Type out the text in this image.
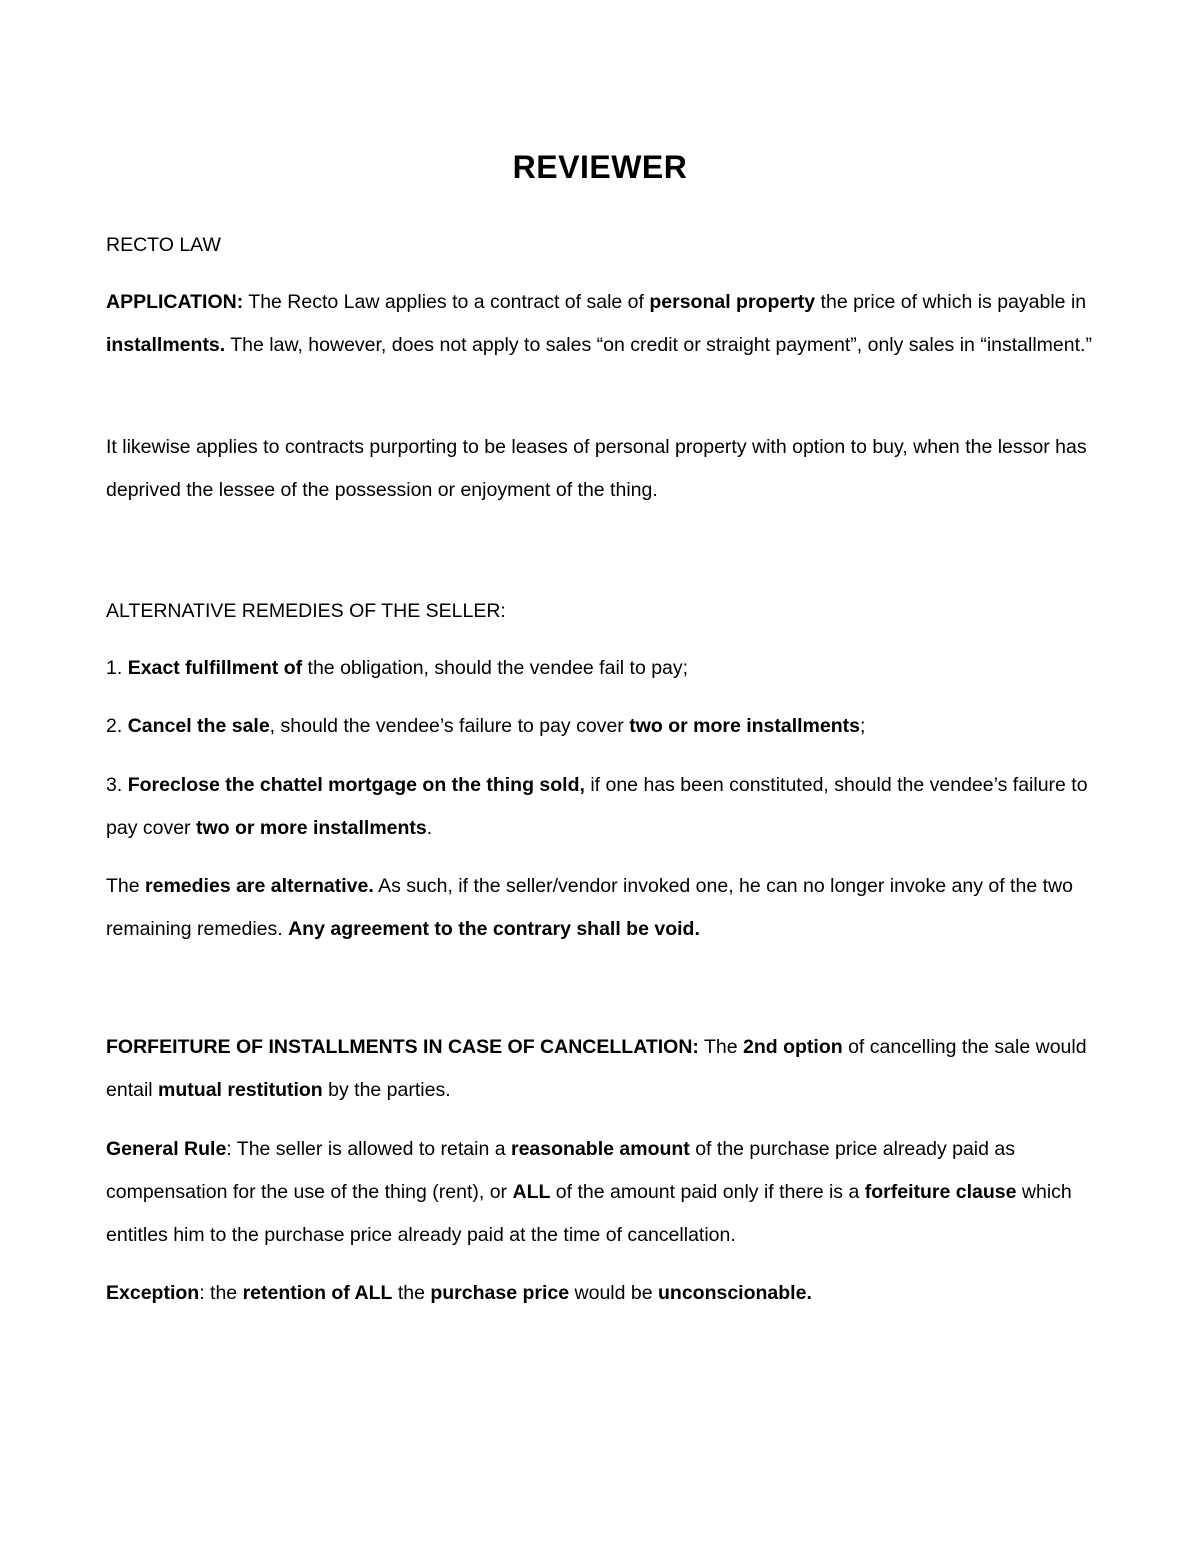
REVIEWER

RECTO LAW

APPLICATION: The Recto Law applies to a contract of sale of personal property the price of which is payable in installments. The law, however, does not apply to sales “on credit or straight payment”, only sales in “installment.”

It likewise applies to contracts purporting to be leases of personal property with option to buy, when the lessor has deprived the lessee of the possession or enjoyment of the thing.

ALTERNATIVE REMEDIES OF THE SELLER:

1. Exact fulfillment of the obligation, should the vendee fail to pay;

2. Cancel the sale, should the vendee’s failure to pay cover two or more installments;

3. Foreclose the chattel mortgage on the thing sold, if one has been constituted, should the vendee’s failure to pay cover two or more installments.

The remedies are alternative. As such, if the seller/vendor invoked one, he can no longer invoke any of the two remaining remedies. Any agreement to the contrary shall be void.

FORFEITURE OF INSTALLMENTS IN CASE OF CANCELLATION: The 2nd option of cancelling the sale would entail mutual restitution by the parties.

General Rule: The seller is allowed to retain a reasonable amount of the purchase price already paid as compensation for the use of the thing (rent), or ALL of the amount paid only if there is a forfeiture clause which entitles him to the purchase price already paid at the time of cancellation.

Exception: the retention of ALL the purchase price would be unconscionable.
